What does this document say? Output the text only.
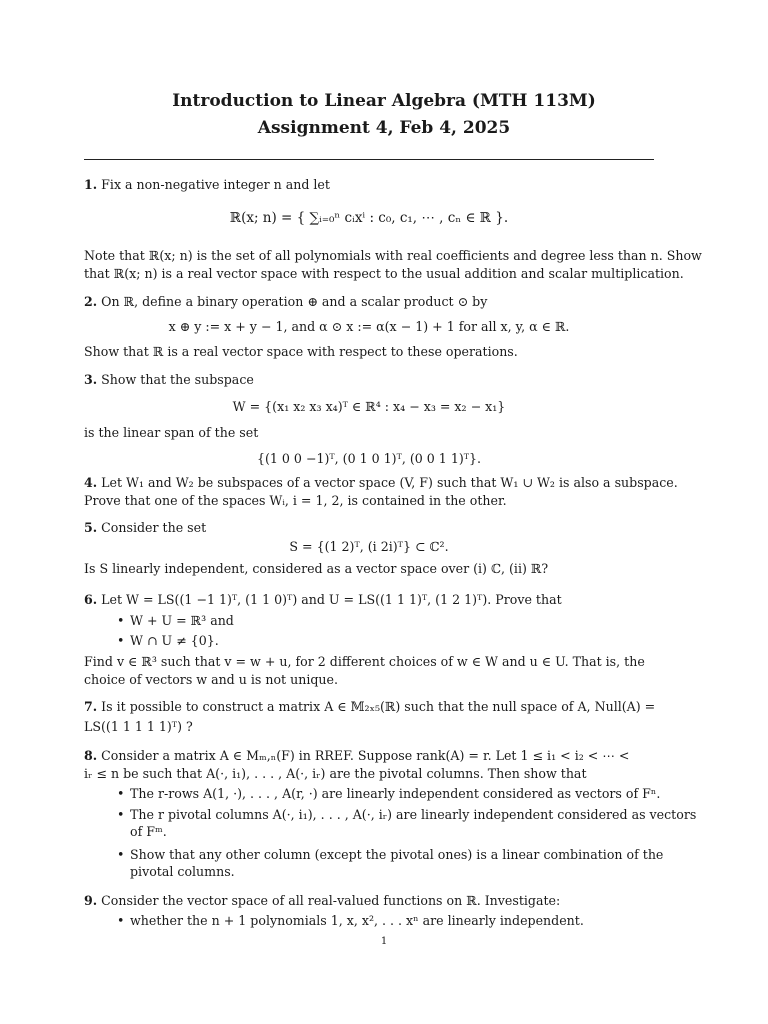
Introduction to Linear Algebra (MTH 113M)
Assignment 4, Feb 4, 2025
1. Fix a non-negative integer n and let
ℝ(x; n) = { ∑ᵢ₌₀ⁿ cᵢxⁱ : c₀, c₁, ⋯ , cₙ ∈ ℝ }.
Note that ℝ(x; n) is the set of all polynomials with real coefficients and degree less than n. Show
that ℝ(x; n) is a real vector space with respect to the usual addition and scalar multiplication.
2. On ℝ, define a binary operation ⊕ and a scalar product ⊙ by
x ⊕ y := x + y − 1, and α ⊙ x := α(x − 1) + 1 for all x, y, α ∈ ℝ.
Show that ℝ is a real vector space with respect to these operations.
3. Show that the subspace
W = {(x₁ x₂ x₃ x₄)ᵀ ∈ ℝ⁴ : x₄ − x₃ = x₂ − x₁}
is the linear span of the set
{(1 0 0 −1)ᵀ, (0 1 0 1)ᵀ, (0 0 1 1)ᵀ}.
4. Let W₁ and W₂ be subspaces of a vector space (V, F) such that W₁ ∪ W₂ is also a subspace.
Prove that one of the spaces Wᵢ, i = 1, 2, is contained in the other.
5. Consider the set
S = {(1 2)ᵀ, (i 2i)ᵀ} ⊂ ℂ².
Is S linearly independent, considered as a vector space over (i) ℂ, (ii) ℝ?
6. Let W = LS((1 −1 1)ᵀ, (1 1 0)ᵀ) and U = LS((1 1 1)ᵀ, (1 2 1)ᵀ). Prove that
• W + U = ℝ³ and
• W ∩ U ≠ {0}.
Find v ∈ ℝ³ such that v = w + u, for 2 different choices of w ∈ W and u ∈ U. That is, the
choice of vectors w and u is not unique.
7. Is it possible to construct a matrix A ∈ 𝕄₂ₓ₅(ℝ) such that the null space of A, Null(A) =
LS((1 1 1 1 1)ᵀ) ?
8. Consider a matrix A ∈ Mₘ,ₙ(F) in RREF. Suppose rank(A) = r. Let 1 ≤ i₁ < i₂ < ⋯ <
iᵣ ≤ n be such that A(·, i₁), . . . , A(·, iᵣ) are the pivotal columns. Then show that
• The r-rows A(1, ·), . . . , A(r, ·) are linearly independent considered as vectors of Fⁿ.
• The r pivotal columns A(·, i₁), . . . , A(·, iᵣ) are linearly independent considered as vectors
of Fᵐ.
• Show that any other column (except the pivotal ones) is a linear combination of the
pivotal columns.
9. Consider the vector space of all real-valued functions on ℝ. Investigate:
• whether the n + 1 polynomials 1, x, x², . . . xⁿ are linearly independent.
1
